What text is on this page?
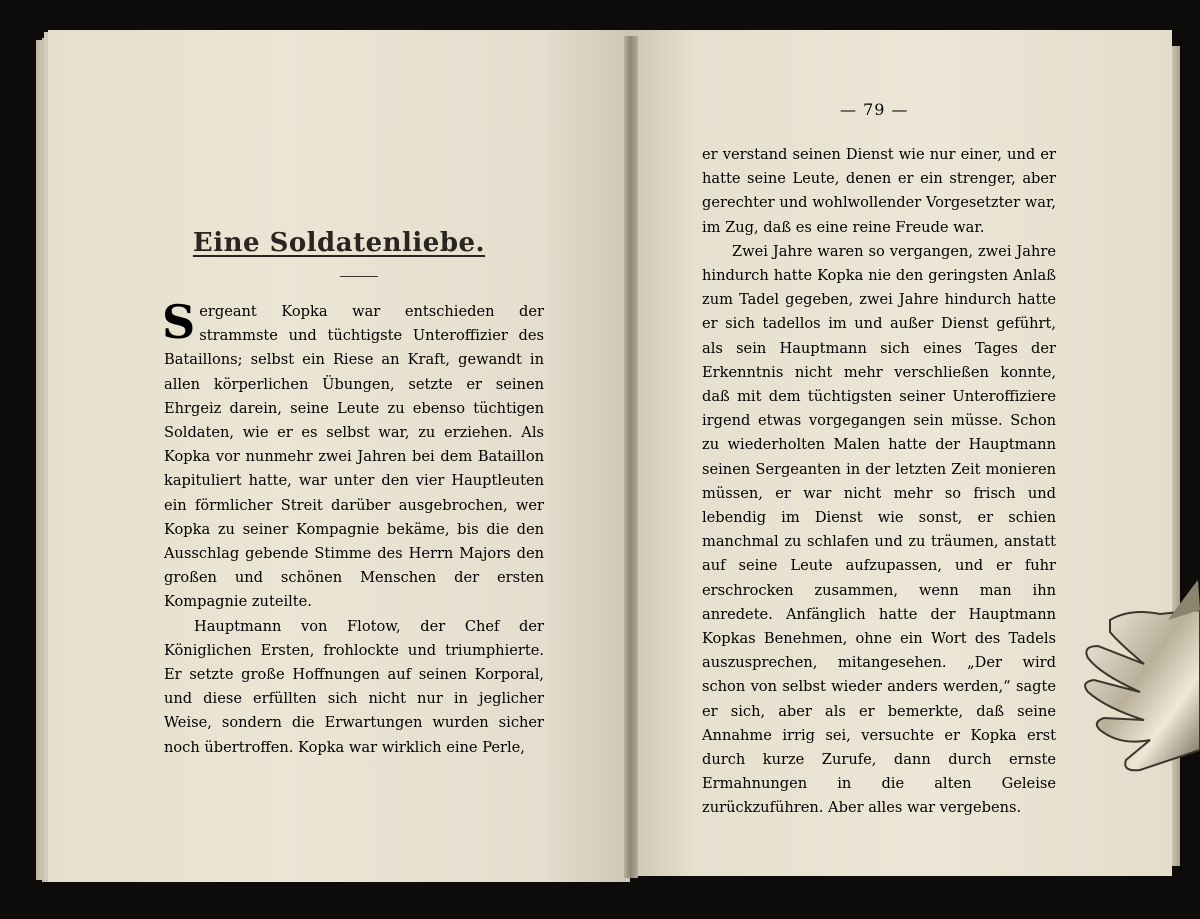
Eine Soldatenliebe.

Sergeant Kopka war entschieden der strammste und tüchtigste Unteroffizier des Bataillons; selbst ein Riese an Kraft, gewandt in allen körperlichen Übungen, setzte er seinen Ehrgeiz darein, seine Leute zu ebenso tüchtigen Soldaten, wie er es selbst war, zu erziehen. Als Kopka vor nunmehr zwei Jahren bei dem Bataillon kapituliert hatte, war unter den vier Hauptleuten ein förmlicher Streit darüber ausgebrochen, wer Kopka zu seiner Kompagnie bekäme, bis die den Ausschlag gebende Stimme des Herrn Majors den großen und schönen Menschen der ersten Kompagnie zuteilte.

Hauptmann von Flotow, der Chef der Königlichen Ersten, frohlockte und triumphierte. Er setzte große Hoffnungen auf seinen Korporal, und diese erfüllten sich nicht nur in jeglicher Weise, sondern die Erwartungen wurden sicher noch übertroffen. Kopka war wirklich eine Perle,

— 79 —

er verstand seinen Dienst wie nur einer, und er hatte seine Leute, denen er ein strenger, aber gerechter und wohlwollender Vorgesetzter war, im Zug, daß es eine reine Freude war.

Zwei Jahre waren so vergangen, zwei Jahre hindurch hatte Kopka nie den geringsten Anlaß zum Tadel gegeben, zwei Jahre hindurch hatte er sich tadellos im und außer Dienst geführt, als sein Hauptmann sich eines Tages der Erkenntnis nicht mehr verschließen konnte, daß mit dem tüchtigsten seiner Unteroffiziere irgend etwas vorgegangen sein müsse. Schon zu wiederholten Malen hatte der Hauptmann seinen Sergeanten in der letzten Zeit monieren müssen, er war nicht mehr so frisch und lebendig im Dienst wie sonst, er schien manchmal zu schlafen und zu träumen, anstatt auf seine Leute aufzupassen, und er fuhr erschrocken zusammen, wenn man ihn anredete. Anfänglich hatte der Hauptmann Kopkas Benehmen, ohne ein Wort des Tadels auszusprechen, mitangesehen. „Der wird schon von selbst wieder anders werden,“ sagte er sich, aber als er bemerkte, daß seine Annahme irrig sei, versuchte er Kopka erst durch kurze Zurufe, dann durch ernste Ermahnungen in die alten Geleise zurückzuführen. Aber alles war vergebens.
